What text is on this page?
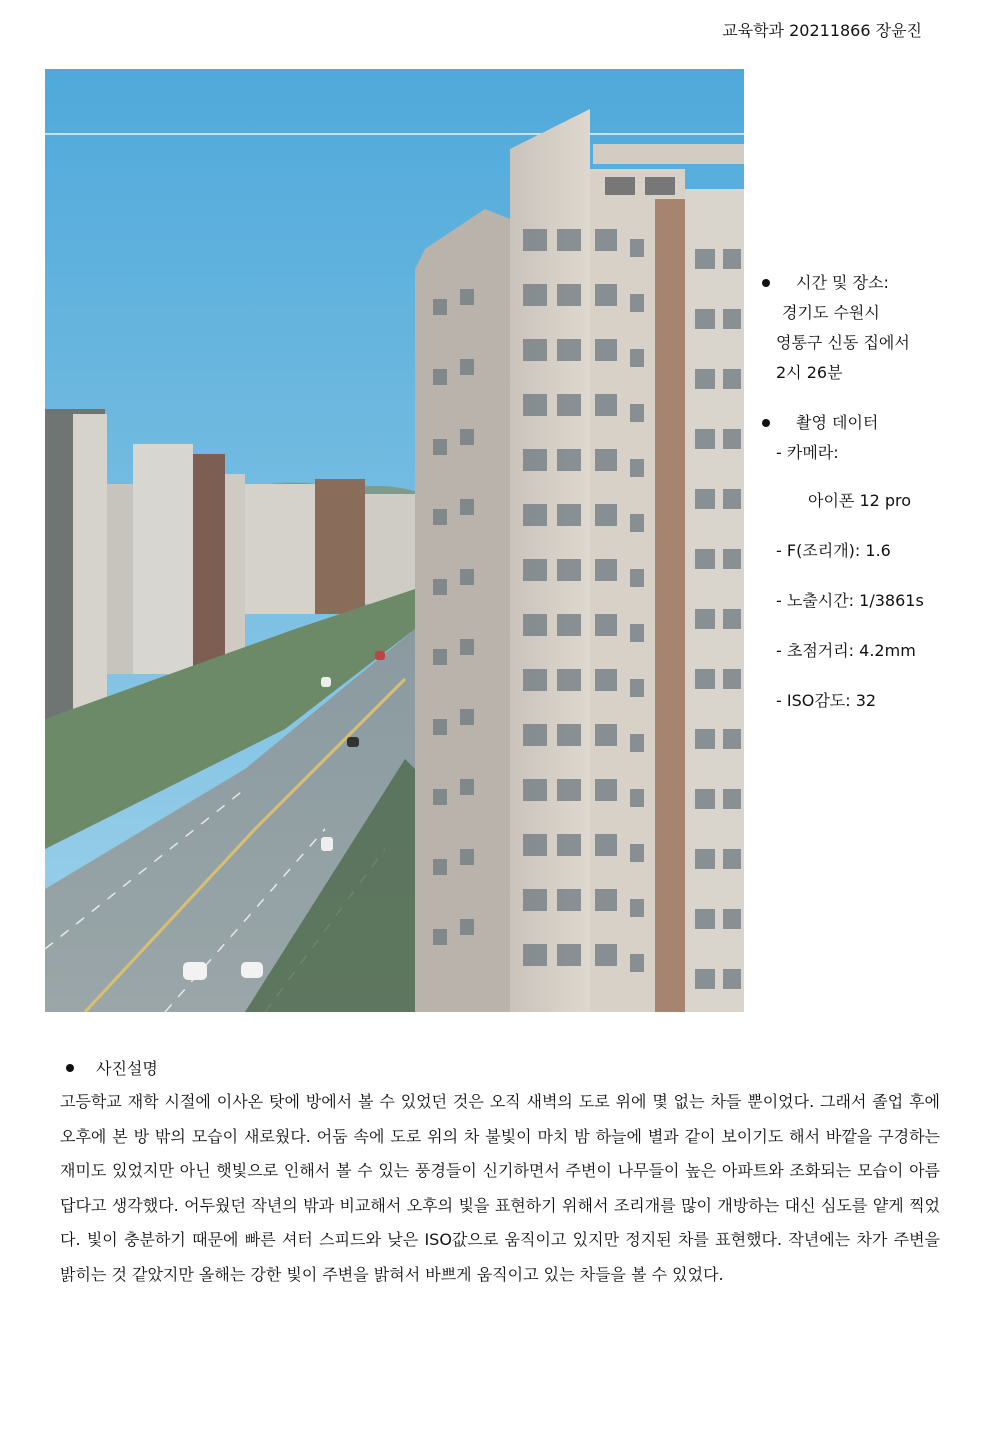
교육학과 20211866 장윤진
시간 및 장소:
경기도 수원시
영통구 신동 집에서
2시 26분
촬영 데이터
- 카메라:
아이폰 12 pro
- F(조리개): 1.6
- 노출시간: 1/3861s
- 초점거리: 4.2mm
- ISO감도: 32
사진설명

고등학교 재학 시절에 이사온 탓에 방에서 볼 수 있었던 것은 오직 새벽의 도로 위에 몇 없는 차들 뿐이었다. 그래서 졸업 후에 오후에 본 방 밖의 모습이 새로웠다. 어둠 속에 도로 위의 차 불빛이 마치 밤 하늘에 별과 같이 보이기도 해서 바깥을 구경하는 재미도 있었지만 아닌 햇빛으로 인해서 볼 수 있는 풍경들이 신기하면서 주변이 나무들이 높은 아파트와 조화되는 모습이 아름답다고 생각했다. 어두웠던 작년의 밖과 비교해서 오후의 빛을 표현하기 위해서 조리개를 많이 개방하는 대신 심도를 얕게 찍었다. 빛이 충분하기 때문에 빠른 셔터 스피드와 낮은 ISO값으로 움직이고 있지만 정지된 차를 표현했다. 작년에는 차가 주변을 밝히는 것 같았지만 올해는 강한 빛이 주변을 밝혀서 바쁘게 움직이고 있는 차들을 볼 수 있었다.
